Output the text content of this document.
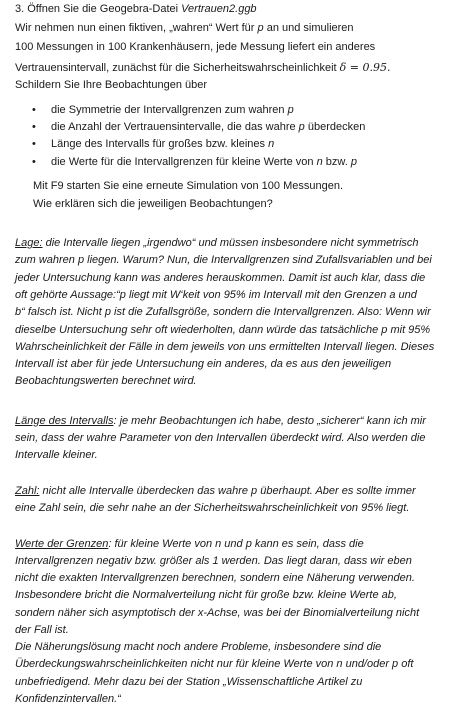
3. Öffnen Sie die Geogebra-Datei Vertrauen2.ggb
Wir nehmen nun einen fiktiven, „wahren“ Wert für p an und simulieren
100 Messungen in 100 Krankenhäusern, jede Messung liefert ein anderes
Vertrauensintervall, zunächst für die Sicherheitswahrscheinlichkeit δ = 0.95.
Schildern Sie Ihre Beobachtungen über
• die Symmetrie der Intervallgrenzen zum wahren p
• die Anzahl der Vertrauensintervalle, die das wahre p überdecken
• Länge des Intervalls für großes bzw. kleines n
• die Werte für die Intervallgrenzen für kleine Werte von n bzw. p
Mit F9 starten Sie eine erneute Simulation von 100 Messungen.
Wie erklären sich die jeweiligen Beobachtungen?
Lage: die Intervalle liegen „irgendwo“ und müssen insbesondere nicht symmetrisch
zum wahren p liegen. Warum? Nun, die Intervallgrenzen sind Zufallsvariablen und bei
jeder Untersuchung kann was anderes herauskommen. Damit ist auch klar, dass die
oft gehörte Aussage:“p liegt mit W‘keit von 95% im Intervall mit den Grenzen a und
b“ falsch ist. Nicht p ist die Zufallsgröße, sondern die Intervallgrenzen. Also: Wenn wir
dieselbe Untersuchung sehr oft wiederholten, dann würde das tatsächliche p mit 95%
Wahrscheinlichkeit der Fälle in dem jeweils von uns ermittelten Intervall liegen. Dieses
Intervall ist aber für jede Untersuchung ein anderes, da es aus den jeweiligen
Beobachtungswerten berechnet wird.
Länge des Intervalls: je mehr Beobachtungen ich habe, desto „sicherer“ kann ich mir
sein, dass der wahre Parameter von den Intervallen überdeckt wird. Also werden die
Intervalle kleiner.
Zahl: nicht alle Intervalle überdecken das wahre p überhaupt. Aber es sollte immer
eine Zahl sein, die sehr nahe an der Sicherheitswahrscheinlichkeit von 95% liegt.
Werte der Grenzen: für kleine Werte von n und p kann es sein, dass die
Intervallgrenzen negativ bzw. größer als 1 werden. Das liegt daran, dass wir eben
nicht die exakten Intervallgrenzen berechnen, sondern eine Näherung verwenden.
Insbesondere bricht die Normalverteilung nicht für große bzw. kleine Werte ab,
sondern näher sich asymptotisch der x-Achse, was bei der Binomialverteilung nicht
der Fall ist.
Die Näherungslösung macht noch andere Probleme, insbesondere sind die
Überdeckungswahrscheinlichkeiten nicht nur für kleine Werte von n und/oder p oft
unbefriedigend. Mehr dazu bei der Station „Wissenschaftliche Artikel zu
Konfidenzintervallen.“
